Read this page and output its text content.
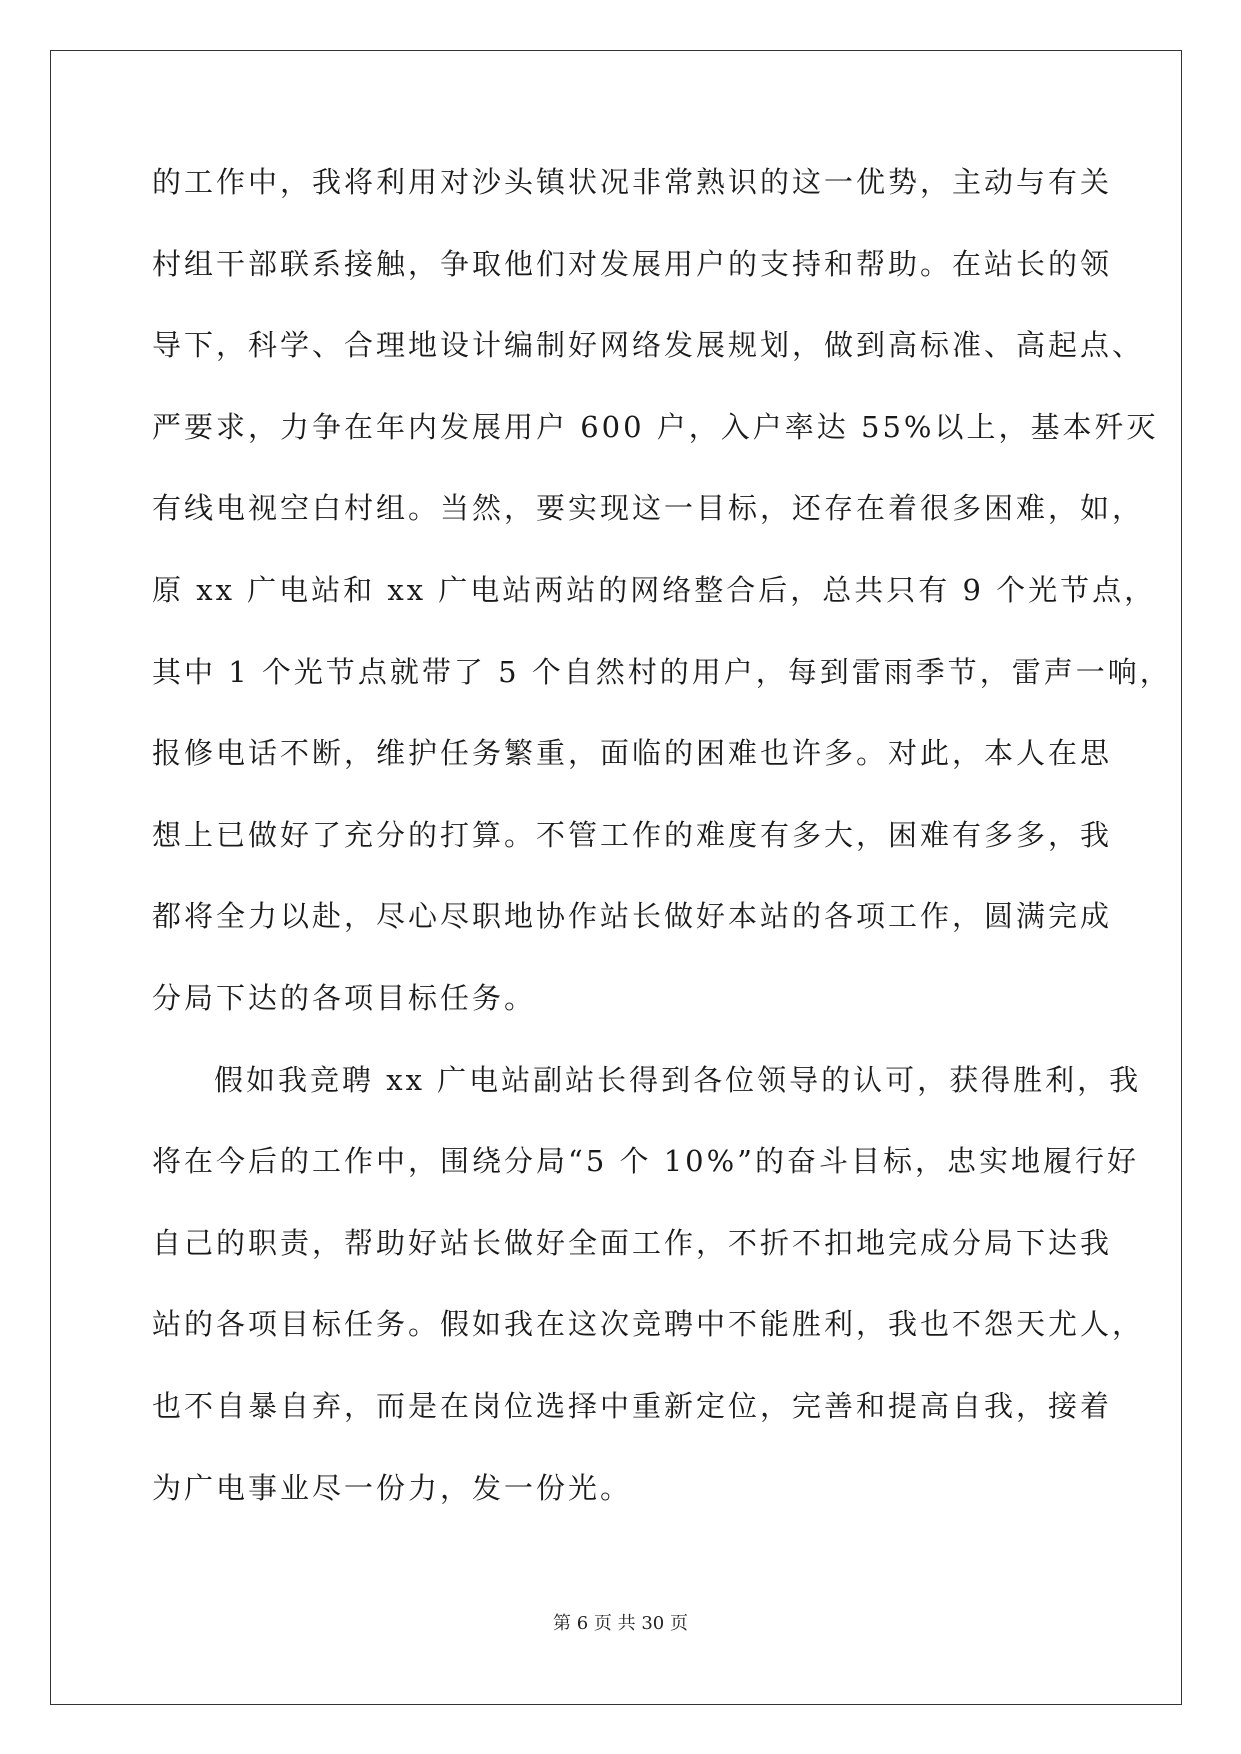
的工作中，我将利用对沙头镇状况非常熟识的这一优势，主动与有关
村组干部联系接触，争取他们对发展用户的支持和帮助。在站长的领
导下，科学、合理地设计编制好网络发展规划，做到高标准、高起点、
严要求，力争在年内发展用户 600 户，入户率达 55%以上，基本歼灭
有线电视空白村组。当然，要实现这一目标，还存在着很多困难，如，
原 xx 广电站和 xx 广电站两站的网络整合后，总共只有 9 个光节点，
其中 1 个光节点就带了 5 个自然村的用户，每到雷雨季节，雷声一响，
报修电话不断，维护任务繁重，面临的困难也许多。对此，本人在思
想上已做好了充分的打算。不管工作的难度有多大，困难有多多，我
都将全力以赴，尽心尽职地协作站长做好本站的各项工作，圆满完成
分局下达的各项目标任务。
假如我竞聘 xx 广电站副站长得到各位领导的认可，获得胜利，我
将在今后的工作中，围绕分局“5 个 10%”的奋斗目标，忠实地履行好
自己的职责，帮助好站长做好全面工作，不折不扣地完成分局下达我
站的各项目标任务。假如我在这次竞聘中不能胜利，我也不怨天尤人，
也不自暴自弃，而是在岗位选择中重新定位，完善和提高自我，接着
为广电事业尽一份力，发一份光。
第 6 页 共 30 页
